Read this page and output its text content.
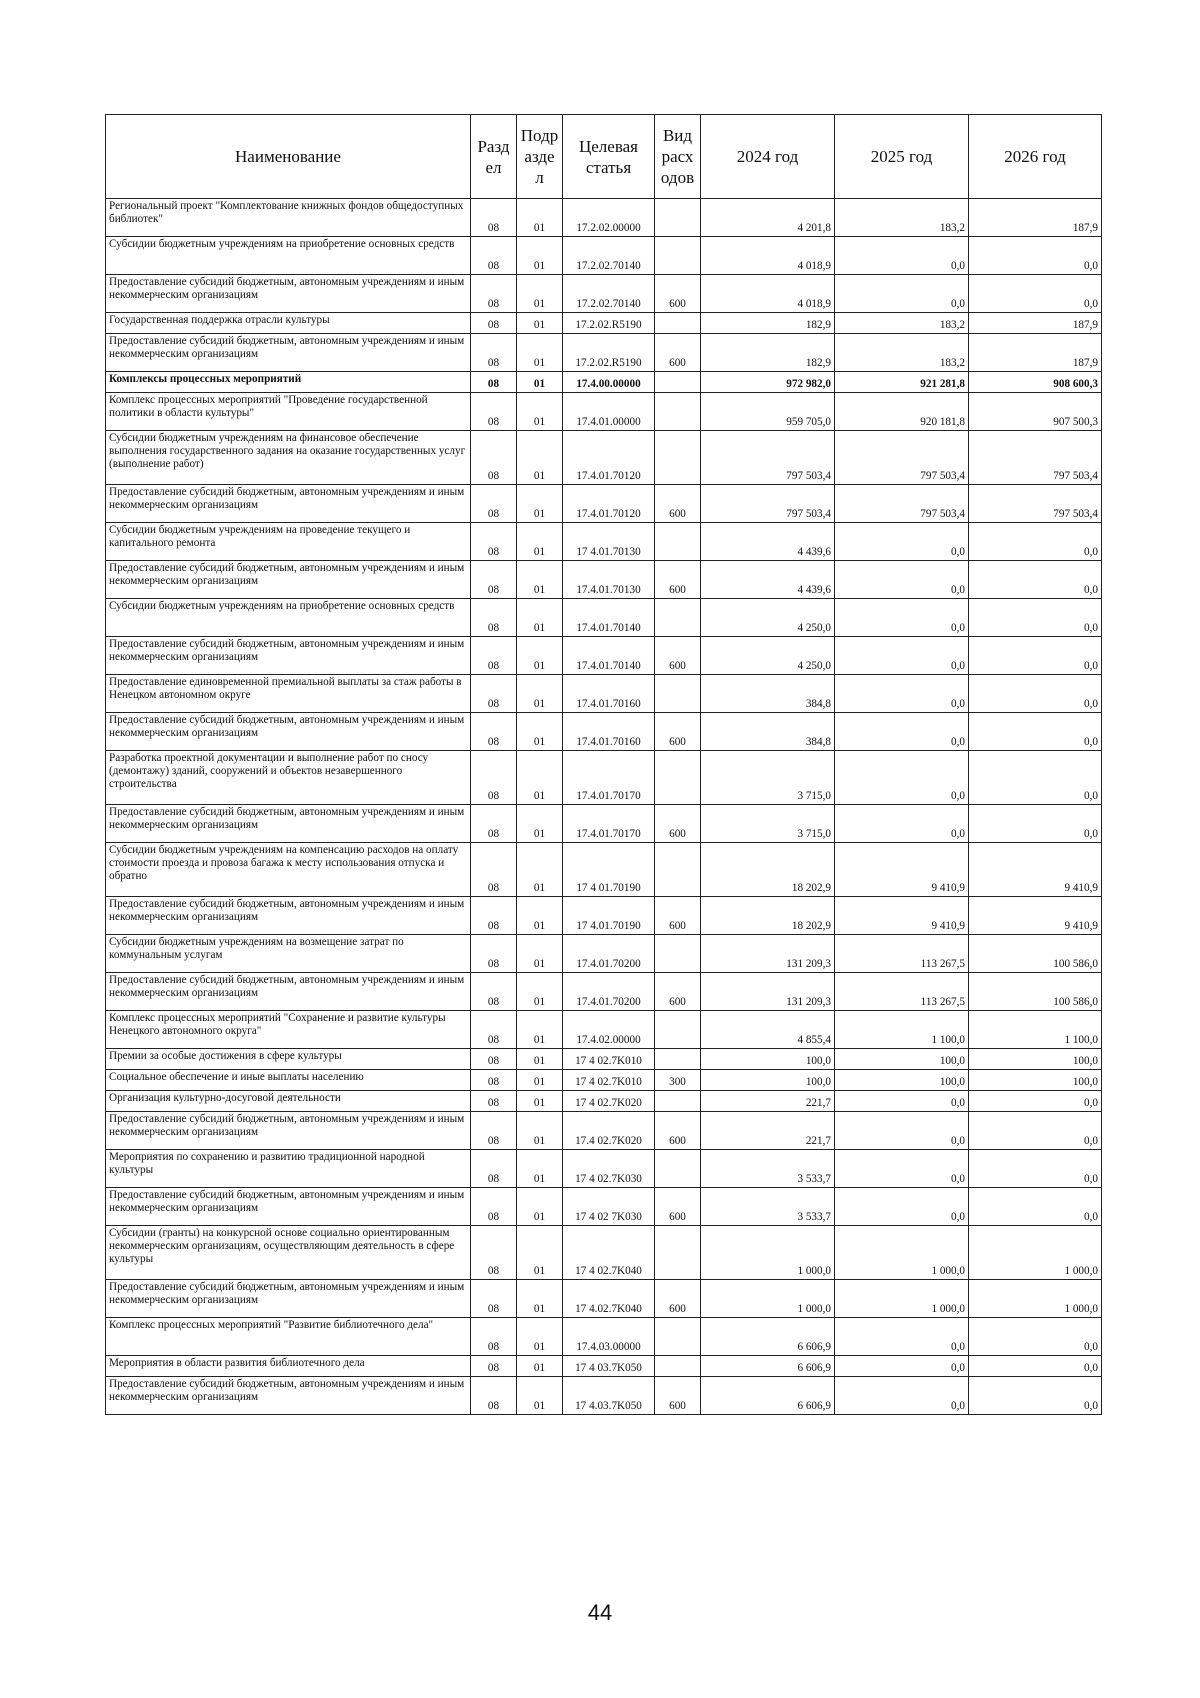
Наименование	Разд ел	Подр азде л	Целевая статья	Вид расх одов	2024 год	2025 год	2026 год
Региональный проект "Комплектование книжных фондов общедоступных библиотек"	08	01	17.2.02.00000		4 201,8	183,2	187,9
Субсидии бюджетным учреждениям на приобретение основных средств	08	01	17.2.02.70140		4 018,9	0,0	0,0
Предоставление субсидий бюджетным, автономным учреждениям и иным некоммерческим организациям	08	01	17.2.02.70140	600	4 018,9	0,0	0,0
Государственная поддержка отрасли культуры	08	01	17.2.02.R5190		182,9	183,2	187,9
Предоставление субсидий бюджетным, автономным учреждениям и иным некоммерческим организациям	08	01	17.2.02.R5190	600	182,9	183,2	187,9
Комплексы процессных мероприятий	08	01	17.4.00.00000		972 982,0	921 281,8	908 600,3
Комплекс процессных мероприятий "Проведение государственной политики в области культуры"	08	01	17.4.01.00000		959 705,0	920 181,8	907 500,3
Субсидии бюджетным учреждениям на финансовое обеспечение выполнения государственного задания на оказание государственных услуг (выполнение работ)	08	01	17.4.01.70120		797 503,4	797 503,4	797 503,4
Предоставление субсидий бюджетным, автономным учреждениям и иным некоммерческим организациям	08	01	17.4.01.70120	600	797 503,4	797 503,4	797 503,4
Субсидии бюджетным учреждениям на проведение текущего и капитального ремонта	08	01	17 4.01.70130		4 439,6	0,0	0,0
Предоставление субсидий бюджетным, автономным учреждениям и иным некоммерческим организациям	08	01	17.4.01.70130	600	4 439,6	0,0	0,0
Субсидии бюджетным учреждениям на приобретение основных средств	08	01	17.4.01.70140		4 250,0	0,0	0,0
Предоставление субсидий бюджетным, автономным учреждениям и иным некоммерческим организациям	08	01	17.4.01.70140	600	4 250,0	0,0	0,0
Предоставление единовременной премиальной выплаты за стаж работы в Ненецком автономном округе	08	01	17.4.01.70160		384,8	0,0	0,0
Предоставление субсидий бюджетным, автономным учреждениям и иным некоммерческим организациям	08	01	17.4.01.70160	600	384,8	0,0	0,0
Разработка проектной документации и выполнение работ по сносу (демонтажу) зданий, сооружений и объектов незавершенного строительства	08	01	17.4.01.70170		3 715,0	0,0	0,0
Предоставление субсидий бюджетным, автономным учреждениям и иным некоммерческим организациям	08	01	17.4.01.70170	600	3 715,0	0,0	0,0
Субсидии бюджетным учреждениям на компенсацию расходов на оплату стоимости проезда и провоза багажа к месту использования отпуска и обратно	08	01	17 4 01.70190		18 202,9	9 410,9	9 410,9
Предоставление субсидий бюджетным, автономным учреждениям и иным некоммерческим организациям	08	01	17 4.01.70190	600	18 202,9	9 410,9	9 410,9
Субсидии бюджетным учреждениям на возмещение затрат по коммунальным услугам	08	01	17.4.01.70200		131 209,3	113 267,5	100 586,0
Предоставление субсидий бюджетным, автономным учреждениям и иным некоммерческим организациям	08	01	17.4.01.70200	600	131 209,3	113 267,5	100 586,0
Комплекс процессных мероприятий "Сохранение и развитие культуры Ненецкого автономного округа"	08	01	17.4.02.00000		4 855,4	1 100,0	1 100,0
Премии за особые достижения в сфере культуры	08	01	17 4 02.7K010		100,0	100,0	100,0
Социальное обеспечение и иные выплаты населению	08	01	17 4 02.7K010	300	100,0	100,0	100,0
Организация культурно-досуговой деятельности	08	01	17 4 02.7K020		221,7	0,0	0,0
Предоставление субсидий бюджетным, автономным учреждениям и иным некоммерческим организациям	08	01	17.4 02.7K020	600	221,7	0,0	0,0
Мероприятия по сохранению и развитию традиционной народной культуры	08	01	17 4 02.7K030		3 533,7	0,0	0,0
Предоставление субсидий бюджетным, автономным учреждениям и иным некоммерческим организациям	08	01	17 4 02 7K030	600	3 533,7	0,0	0,0
Субсидии (гранты) на конкурсной основе социально ориентированным некоммерческим организациям, осуществляющим деятельность в сфере культуры	08	01	17 4 02.7K040		1 000,0	1 000,0	1 000,0
Предоставление субсидий бюджетным, автономным учреждениям и иным некоммерческим организациям	08	01	17 4.02.7K040	600	1 000,0	1 000,0	1 000,0
Комплекс процессных мероприятий "Развитие библиотечного дела"	08	01	17.4.03.00000		6 606,9	0,0	0,0
Мероприятия в области развития библиотечного дела	08	01	17 4 03.7K050		6 606,9	0,0	0,0
Предоставление субсидий бюджетным, автономным учреждениям и иным некоммерческим организациям	08	01	17 4.03.7K050	600	6 606,9	0,0	0,0
44
